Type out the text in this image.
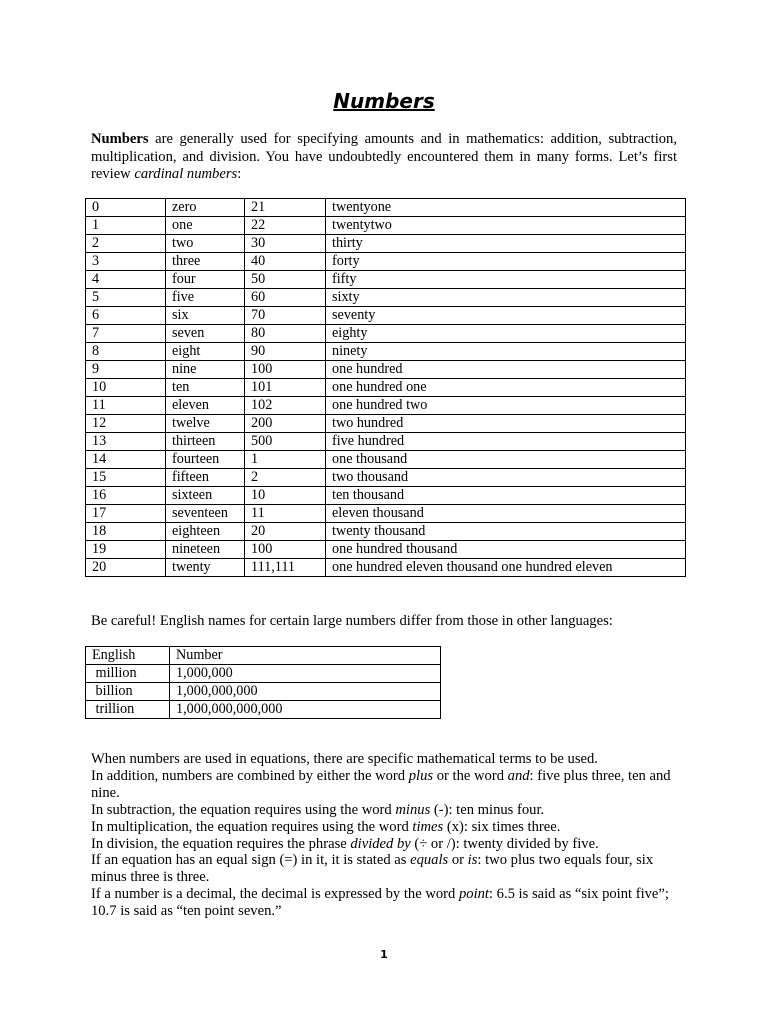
Numbers
Numbers are generally used for specifying amounts and in mathematics: addition, subtraction, multiplication, and division. You have undoubtedly encountered them in many forms. Let’s first review cardinal numbers:
0	zero	21	twentyone
1	one	22	twentytwo
2	two	30	thirty
3	three	40	forty
4	four	50	fifty
5	five	60	sixty
6	six	70	seventy
7	seven	80	eighty
8	eight	90	ninety
9	nine	100	one hundred
10	ten	101	one hundred one
11	eleven	102	one hundred two
12	twelve	200	two hundred
13	thirteen	500	five hundred
14	fourteen	1	one thousand
15	fifteen	2	two thousand
16	sixteen	10	ten thousand
17	seventeen	11	eleven thousand
18	eighteen	20	twenty thousand
19	nineteen	100	one hundred thousand
20	twenty	111,111	one hundred eleven thousand one hundred eleven
Be careful! English names for certain large numbers differ from those in other languages:
English	Number
million	1,000,000
billion	1,000,000,000
trillion	1,000,000,000,000

When numbers are used in equations, there are specific mathematical terms to be used.

In addition, numbers are combined by either the word plus or the word and: five plus three, ten and nine.

In subtraction, the equation requires using the word minus (-): ten minus four.

In multiplication, the equation requires using the word times (x): six times three.

In division, the equation requires the phrase divided by (÷ or /): twenty divided by five.

If an equation has an equal sign (=) in it, it is stated as equals or is: two plus two equals four, six minus three is three.

If a number is a decimal, the decimal is expressed by the word point: 6.5 is said as “six point five”; 10.7 is said as “ten point seven.”

1
